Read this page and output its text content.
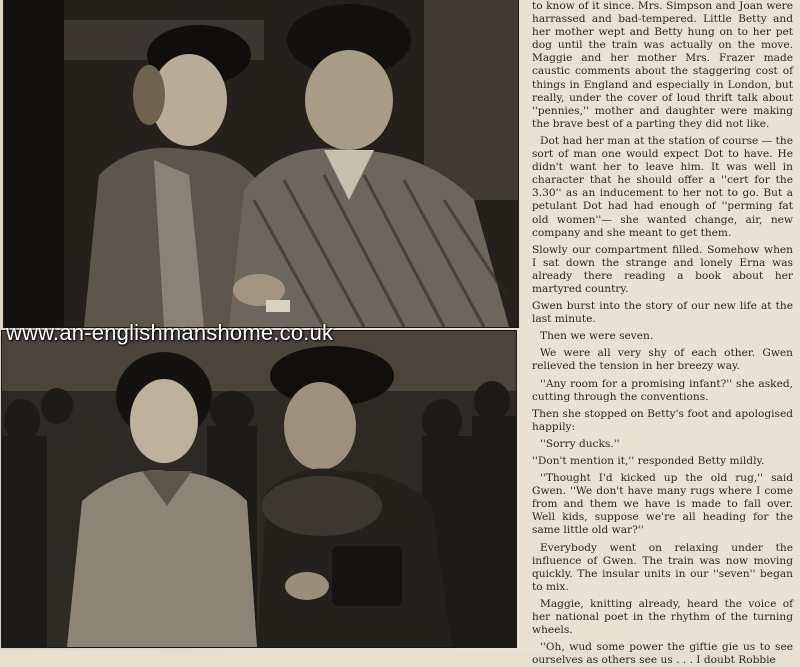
www.an-englishmanshome.co.uk

to know of it since. Mrs. Simpson and Joan were harrassed and bad-tempered. Little Betty and her mother wept and Betty hung on to her pet dog until the train was actually on the move. Maggie and her mother Mrs. Frazer made caustic comments about the staggering cost of things in England and especially in London, but really, under the cover of loud thrift talk about ''pennies,'' mother and daughter were making the brave best of a parting they did not like.

Dot had her man at the station of course — the sort of man one would expect Dot to have. He didn't want her to leave him. It was well in character that he should offer a ''cert for the 3.30'' as an inducement to her not to go. But a petulant Dot had had enough of ''perming fat old women''— she wanted change, air, new company and she meant to get them.

Slowly our compartment filled. Somehow when I sat down the strange and lonely Erna was already there reading a book about her martyred country.

Gwen burst into the story of our new life at the last minute.

Then we were seven.

We were all very shy of each other. Gwen relieved the tension in her breezy way.

''Any room for a promising infant?'' she asked, cutting through the conventions.

Then she stopped on Betty's foot and apologised happily:

''Sorry ducks.''

''Don't mention it,'' responded Betty mildly.

''Thought I'd kicked up the old rug,'' said Gwen. ''We don't have many rugs where I come from and them we have is made to fall over. Well kids, suppose we're all heading for the same little old war?''

Everybody went on relaxing under the influence of Gwen. The train was now moving quickly. The insular units in our ''seven'' began to mix.

Maggie, knitting already, heard the voice of her national poet in the rhythm of the turning wheels.

''Oh, wud some power the giftie gie us to see ourselves as others see us . . . I doubt Robbie
